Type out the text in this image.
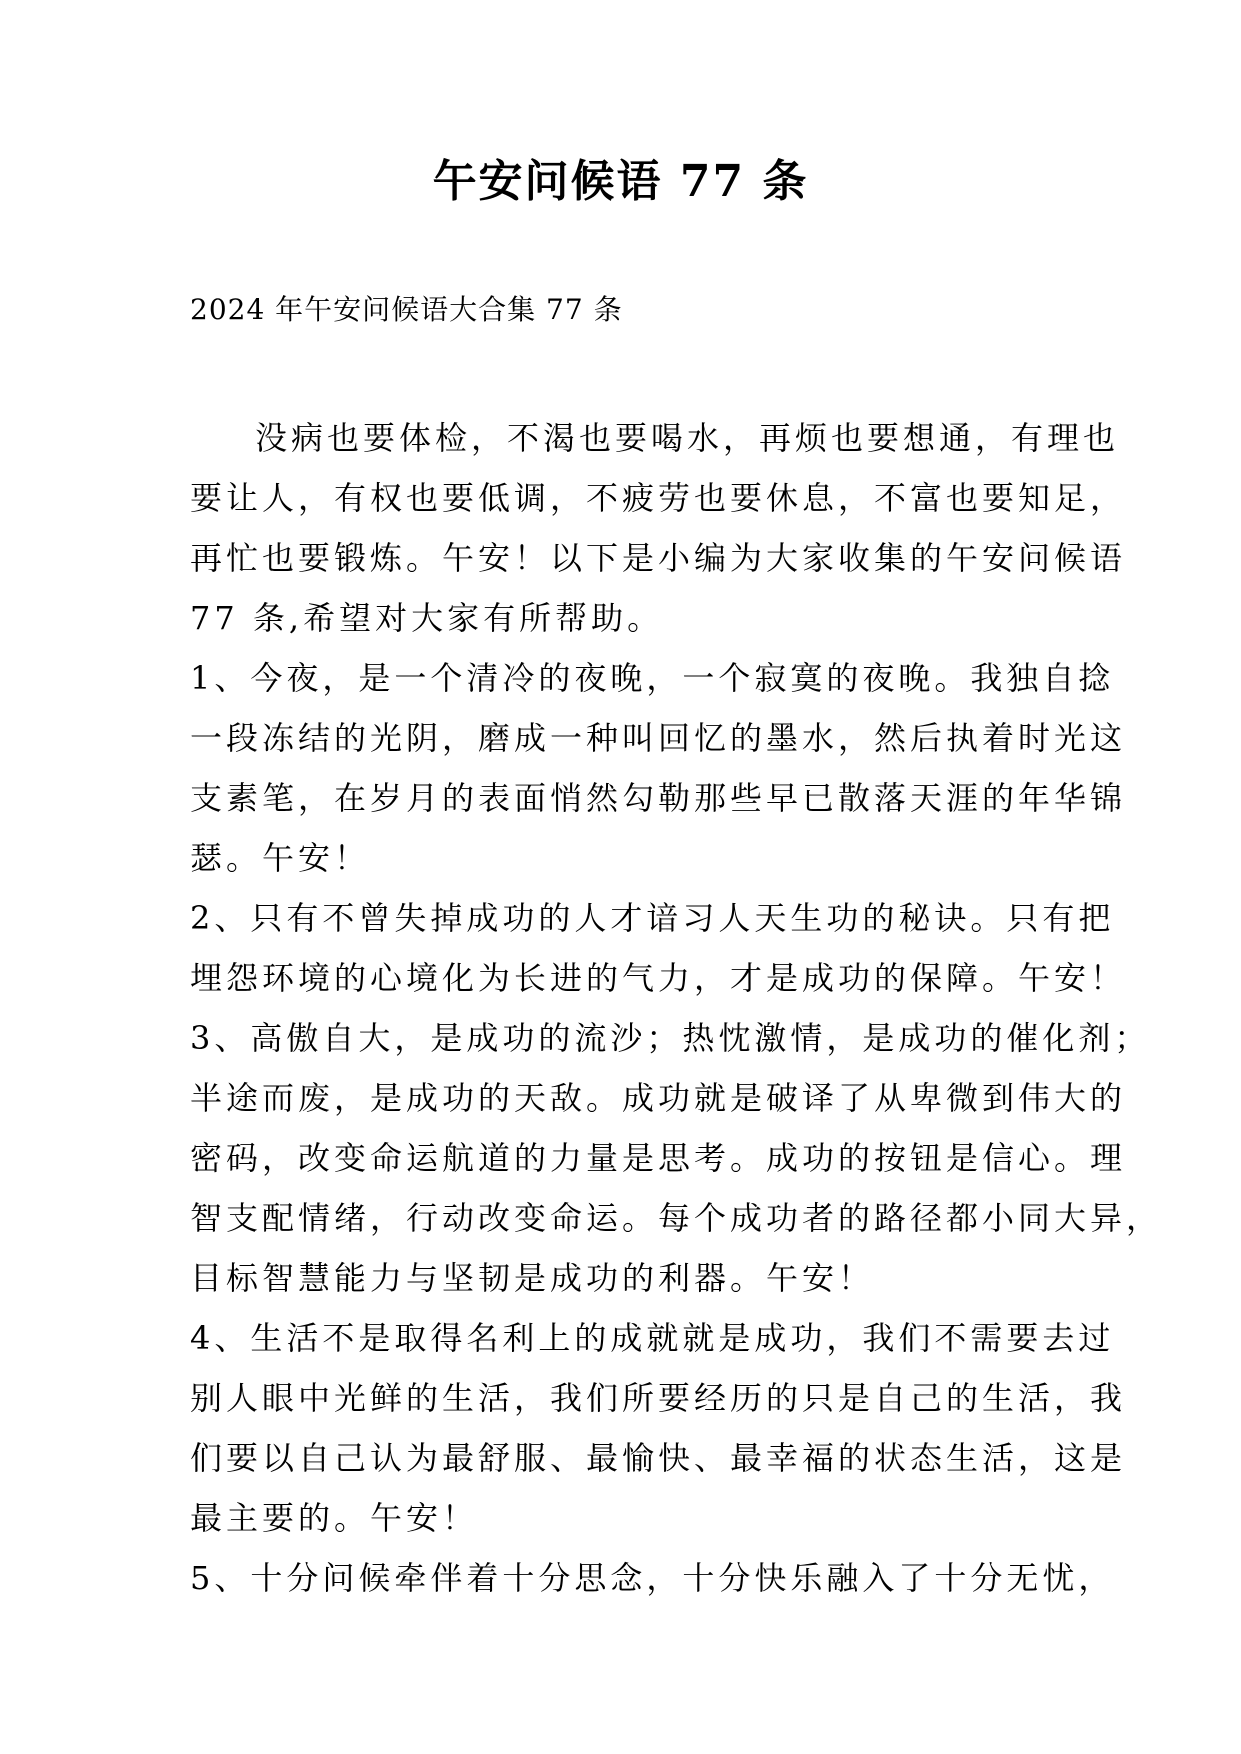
午安问候语 77 条
2024 年午安问候语大合集 77 条
没病也要体检，不渴也要喝水，再烦也要想通，有理也
要让人，有权也要低调，不疲劳也要休息，不富也要知足，
再忙也要锻炼。午安！以下是小编为大家收集的午安问候语
77 条,希望对大家有所帮助。
1、今夜，是一个清冷的夜晚，一个寂寞的夜晚。我独自捻
一段冻结的光阴，磨成一种叫回忆的墨水，然后执着时光这
支素笔，在岁月的表面悄然勾勒那些早已散落天涯的年华锦
瑟。午安！
2、只有不曾失掉成功的人才谙习人天生功的秘诀。只有把
埋怨环境的心境化为长进的气力，才是成功的保障。午安！
3、高傲自大，是成功的流沙；热忱激情，是成功的催化剂；
半途而废，是成功的天敌。成功就是破译了从卑微到伟大的
密码，改变命运航道的力量是思考。成功的按钮是信心。理
智支配情绪，行动改变命运。每个成功者的路径都小同大异，
目标智慧能力与坚韧是成功的利器。午安！
4、生活不是取得名利上的成就就是成功，我们不需要去过
别人眼中光鲜的生活，我们所要经历的只是自己的生活，我
们要以自己认为最舒服、最愉快、最幸福的状态生活，这是
最主要的。午安！
5、十分问候牵伴着十分思念，十分快乐融入了十分无忧，
